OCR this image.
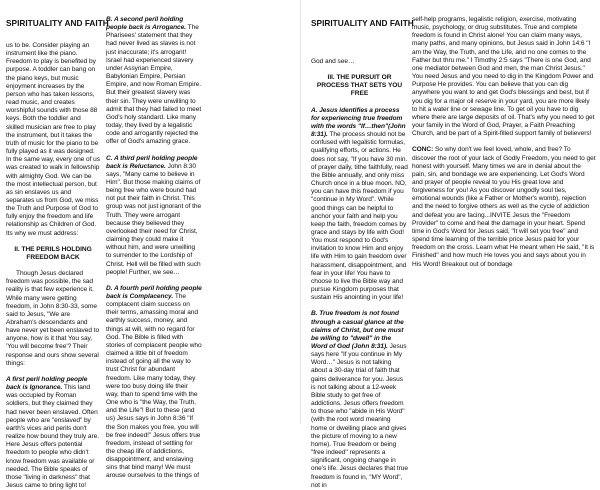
SPIRITUALITY AND FAITH	SPIRITUALITY AND FAITH

us to be. Consider playing an instrument like the piano. Freedom to play is benefited by purpose. A toddler can bang on the piano keys, but music enjoyment increases by the person who has taken lessons, read music, and creates worshipful sounds with those 88 keys. Both the toddler and skilled musician are free to play the instrument, but it takes the truth of music for the piano to be fully played as it was designed. In the same way, every one of us was created to walk in fellowship with almighty God. We can be the most intellectual person, but as sin enslaves us and separates us from God, we miss the Truth and Purpose of God to fully enjoy the freedom and life relationship as Children of God. Its why we must address:

II. THE PERILS HOLDING FREEDOM BACK

Though Jesus declared freedom was possible, the sad reality is that few experience it. While many were getting freedom, in John 8:30-33, some said to Jesus, "We are Abraham's descendants and have never yet been enslaved to anyone, how is it that You say, 'You will become free'? Their response and ours show several things:

A first peril holding people back is Ignorance. This land was occupied by Roman soldiers, but they claimed they had never been enslaved. Often people who are "enslaved" by earth's vices and perils don't realize how bound they truly are. Here Jesus offers potential freedom to people who didn't know freedom was available or needed. The Bible speaks of those "living in darkness" that Jesus came to bring light to!

B. A second peril holding people back is Arrogance. The Pharisees' statement that they had never lived as slaves is not just inaccurate; it's arrogant! Israel had experienced slavery under Assyrian Empire, Babylonian Empire, Persian Empire, and now Roman Empire. But their greatest slavery was their sin. They were unwilling to admit that they had failed to meet God's holy standard. Like many today, they lived by a legalistic code and arrogantly rejected the offer of God's amazing grace.

C. A third peril holding people back is Reluctance. John 8:30 says, "Many came to believe in Him". But those making claims of being free who were bound had not put their faith in Christ. This group was not just ignorant of the Truth. They were arrogant because they believed they overlooked their need for Christ, claiming they could make it without him, and were unwilling to surrender to the Lordship of Christ. Hell will be filled with such people! Further, we see…

D. A fourth peril holding people back is Complacency. The complacent claim success on their terms, amassing moral and earthly success, money, and things at will, with no regard for God. The Bible is filled with stories of complacent people who claimed a little bit of freedom instead of going all the way to trust Christ for abundant freedom. Like many today, they were too busy doing life their way, than to spend time with the One who is "the Way, the Truth, and the Life"! But to these (and us) Jesus says in John 8:36 "If the Son makes you free, you will be free indeed!" Jesus offers true freedom, instead of settling for the cheap life of addictions, disappointment, and enslaving sins that bind many! We must arouse ourselves to the things of

God and see…

III. THE PURSUIT OR PROCESS THAT SETS YOU FREE

A. Jesus identifies a process for experiencing true freedom with the words "If…then"(John 8:31). The process should not be confused with legalistic formulas, qualifying efforts, or actions. He does not say, "If you have 30 min. of prayer daily, tithe faithfully, read the Bible annually, and only miss Church once in a blue moon. NO, you can have this freedom if you "continue in My Word". While good things can be helpful to anchor your faith and help you keep the faith, freedom comes by grace and stays by life with God! You must respond to God's invitation to know Him and enjoy life with Him to gain freedom over harassment, disappointment, and fear in your life! You have to choose to live the Bible way and pursue Kingdom purposes that sustain His anointing in your life!

B. True freedom is not found through a casual glance at the claims of Christ, but one must be willing to "dwell" in the Word of God (John 8:31). Jesus says here "If you continue in My Word…" Jesus is not talking about a 30-day trial of faith that gains deliverance for you. Jesus is not talking about a 12-week Bible study to get free of addictions. Jesus offers freedom to those who "abide in His Word" (with the root word meaning home or dwelling place and gives the picture of moving to a new home). True freedom or being "free indeed" represents a significant, ongoing change in one's life. Jesus declares that true freedom is found in, "MY Word", not in

self-help programs, legalistic religion, exercise, motivating music, psychology, or drug substitutes. True and complete freedom is found in Christ alone! You can claim many ways, many paths, and many opinions, but Jesus said in John 14:6 "I am the Way, the Truth, and the Life, and no one comes to the Father but thru me." I Timothy 2:5 says "There is one God, and one mediator between God and men, the man Christ Jesus." You need Jesus and you need to dig in the Kingdom Power and Purpose He provides. You can believe that you can dig anywhere you want to and get God's blessings and best, but if you dig for a major oil reserve in your yard, you are more likely to hit a water line or sewage line. To get oil you have to dig where there are large deposits of oil. That's why you need to get your family in the Word of God, Prayer, a Faith Preaching Church, and be part of a Spirit-filled support family of believers!

CONC: So why don't we feel loved, whole, and free? To discover the root of your lack of Godly Freedom, you need to get honest with yourself. Many times we are in denial about the pain, sin, and bondage we are experiencing. Let God's Word and prayer of people reveal to you His great love and forgiveness for you! As you discover ungodly soul ties, emotional wounds (like a Father or Mother's womb), rejection and the need to forgive others as well as the cycle of addiction and defeat you are facing...INVITE Jesus the "Freedom Provider" to come and heal the damage in your heart. Spend time in God's Word for Jesus said, "It will set you free" and spend time learning of the terrible price Jesus paid for your freedom on the cross. Learn what He meant when He said, "It is Finished" and how much He loves you and says about you in His Word! Breakout out of bondage
